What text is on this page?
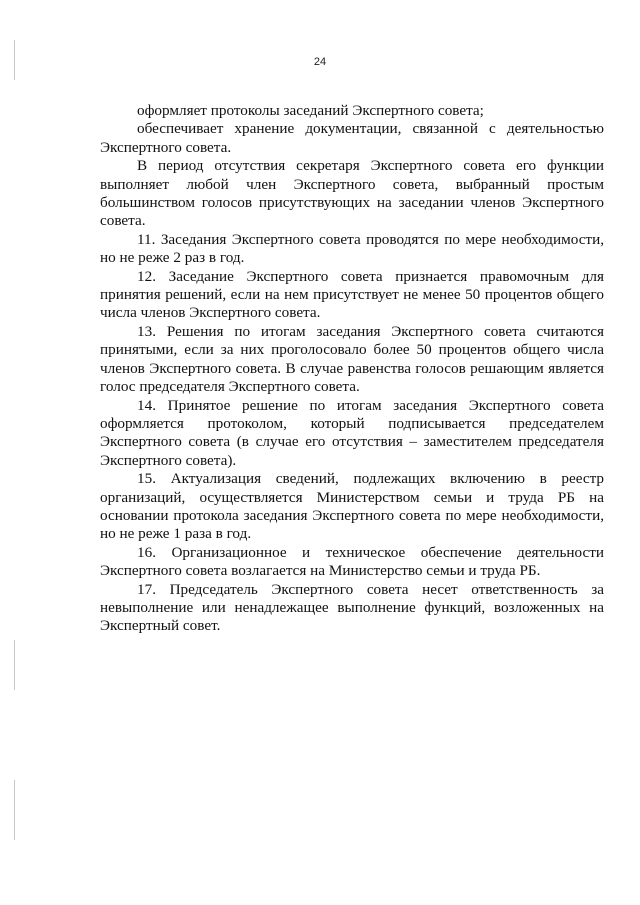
24

оформляет протоколы заседаний Экспертного совета;

обеспечивает хранение документации, связанной с деятельностью Экспертного совета.

В период отсутствия секретаря Экспертного совета его функции выполняет любой член Экспертного совета, выбранный простым большинством голосов присутствующих на заседании членов Экспертного совета.

11. Заседания Экспертного совета проводятся по мере необходимости, но не реже 2 раз в год.

12. Заседание Экспертного совета признается правомочным для принятия решений, если на нем присутствует не менее 50 процентов общего числа членов Экспертного совета.

13. Решения по итогам заседания Экспертного совета считаются принятыми, если за них проголосовало более 50 процентов общего числа членов Экспертного совета. В случае равенства голосов решающим является голос председателя Экспертного совета.

14. Принятое решение по итогам заседания Экспертного совета оформляется протоколом, который подписывается председателем Экспертного совета (в случае его отсутствия – заместителем председателя Экспертного совета).

15. Актуализация сведений, подлежащих включению в реестр организаций, осуществляется Министерством семьи и труда РБ на основании протокола заседания Экспертного совета по мере необходимости, но не реже 1 раза в год.

16. Организационное и техническое обеспечение деятельности Экспертного совета возлагается на Министерство семьи и труда РБ.

17. Председатель Экспертного совета несет ответственность за невыполнение или ненадлежащее выполнение функций, возложенных на Экспертный совет.
